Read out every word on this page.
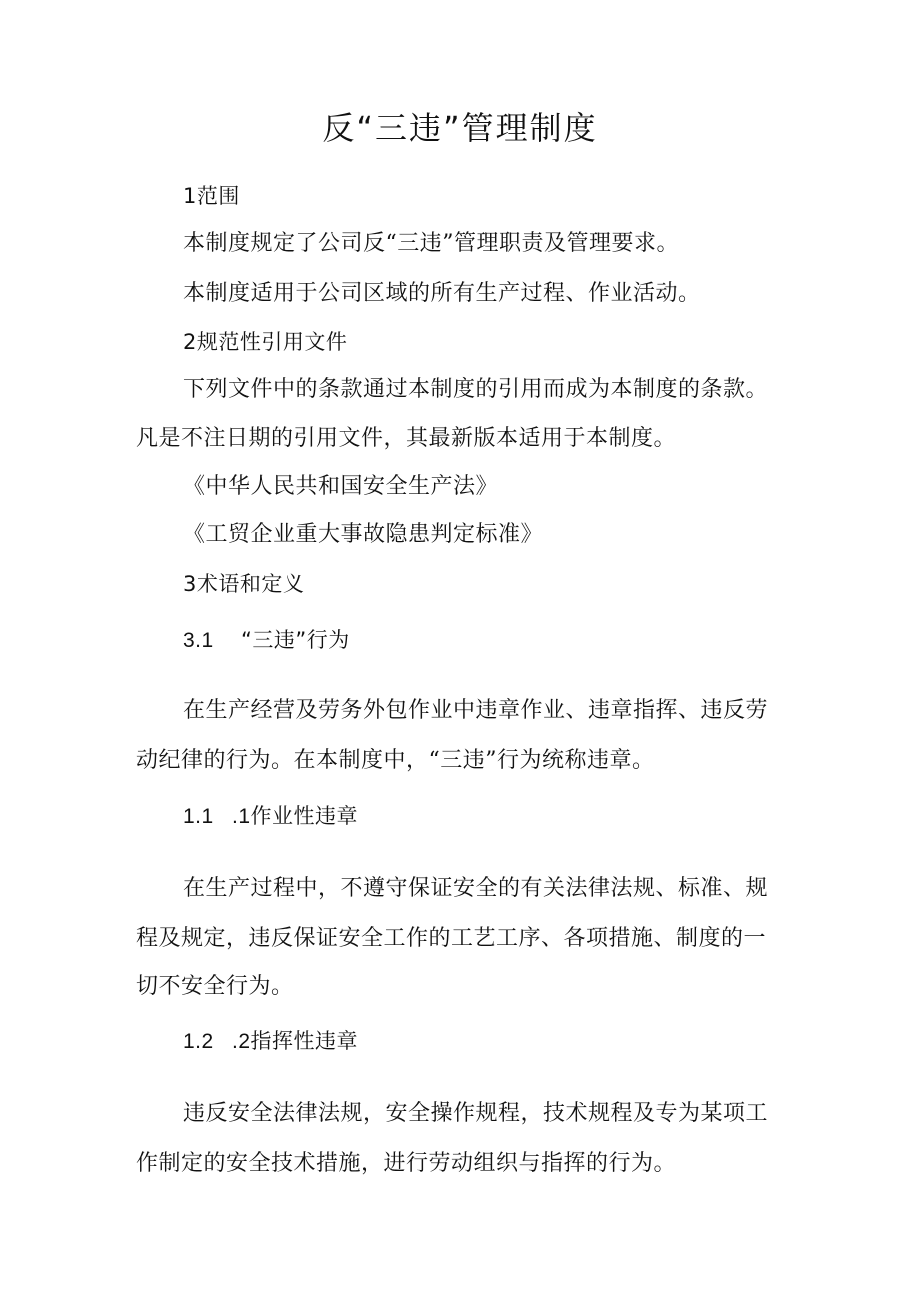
反“三违”管理制度
1范围
本制度规定了公司反“三违”管理职责及管理要求。
本制度适用于公司区域的所有生产过程、作业活动。
2规范性引用文件
下列文件中的条款通过本制度的引用而成为本制度的条款。
凡是不注日期的引用文件，其最新版本适用于本制度。
《中华人民共和国安全生产法》
《工贸企业重大事故隐患判定标准》
3术语和定义
3.1 “三违”行为
在生产经营及劳务外包作业中违章作业、违章指挥、违反劳
动纪律的行为。在本制度中，“三违”行为统称违章。
1.1 .1作业性违章
在生产过程中，不遵守保证安全的有关法律法规、标准、规
程及规定，违反保证安全工作的工艺工序、各项措施、制度的一
切不安全行为。
1.2 .2指挥性违章
违反安全法律法规，安全操作规程，技术规程及专为某项工
作制定的安全技术措施，进行劳动组织与指挥的行为。
